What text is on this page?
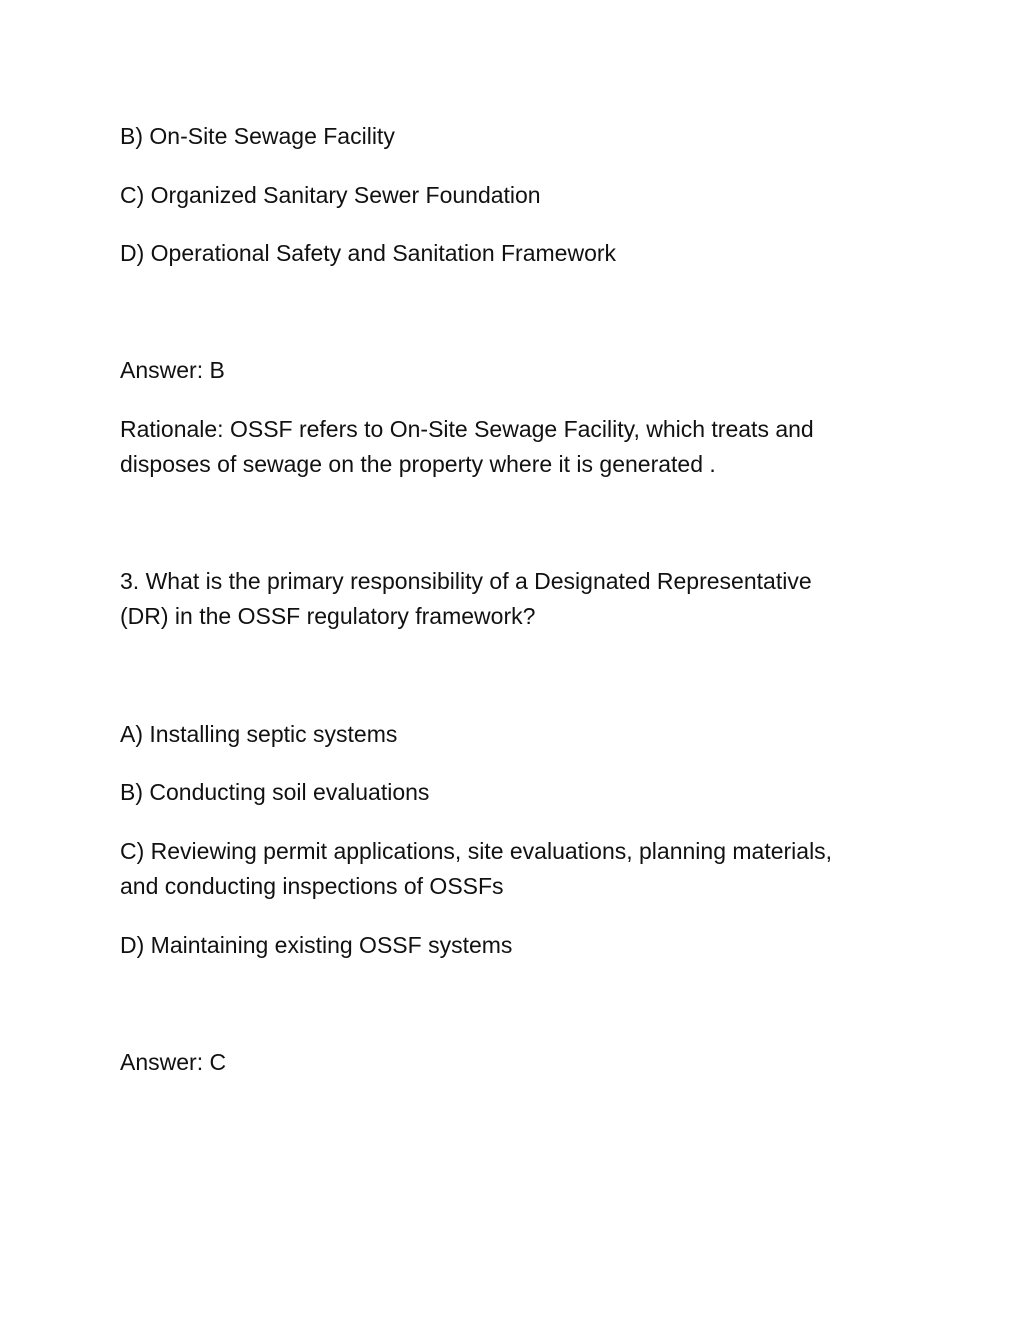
B) On-Site Sewage Facility

C) Organized Sanitary Sewer Foundation

D) Operational Safety and Sanitation Framework

Answer: B

Rationale: OSSF refers to On-Site Sewage Facility, which treats and

disposes of sewage on the property where it is generated .

3. What is the primary responsibility of a Designated Representative

(DR) in the OSSF regulatory framework?

A) Installing septic systems

B) Conducting soil evaluations

C) Reviewing permit applications, site evaluations, planning materials,

and conducting inspections of OSSFs

D) Maintaining existing OSSF systems

Answer: C
